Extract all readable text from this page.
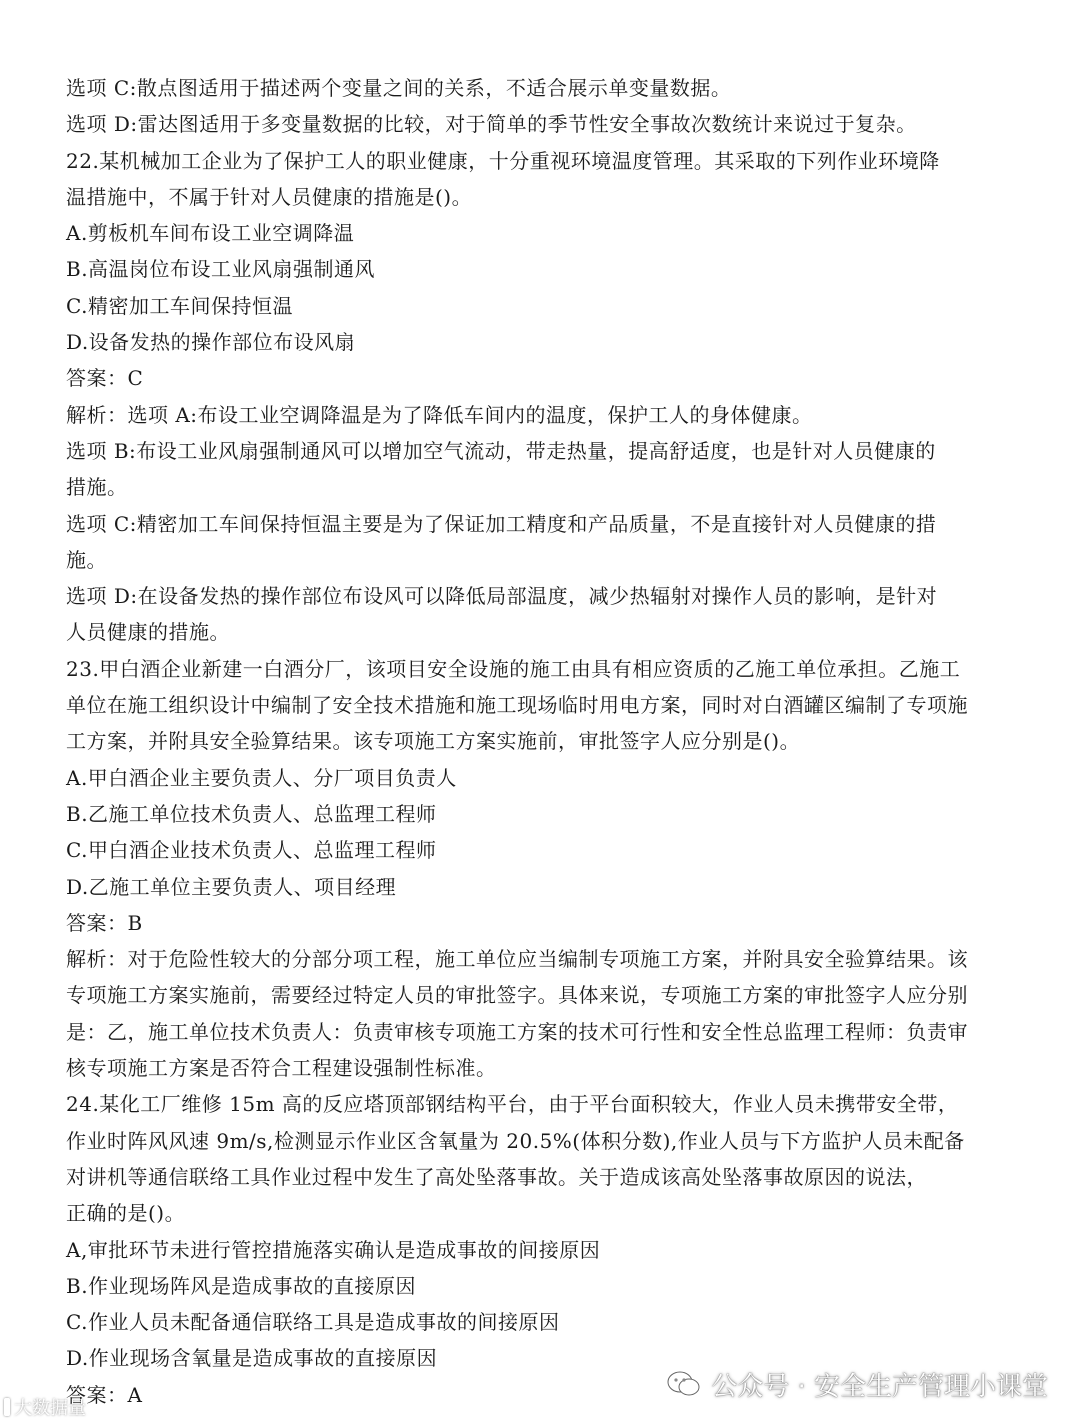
选项 C:散点图适用于描述两个变量之间的关系，不适合展示单变量数据。
选项 D:雷达图适用于多变量数据的比较，对于简单的季节性安全事故次数统计来说过于复杂。
22.某机械加工企业为了保护工人的职业健康，十分重视环境温度管理。其采取的下列作业环境降
温措施中，不属于针对人员健康的措施是()。
A.剪板机车间布设工业空调降温
B.高温岗位布设工业风扇强制通风
C.精密加工车间保持恒温
D.设备发热的操作部位布设风扇
答案：C
解析：选项 A:布设工业空调降温是为了降低车间内的温度，保护工人的身体健康。
选项 B:布设工业风扇强制通风可以增加空气流动，带走热量，提高舒适度，也是针对人员健康的
措施。
选项 C:精密加工车间保持恒温主要是为了保证加工精度和产品质量，不是直接针对人员健康的措
施。
选项 D:在设备发热的操作部位布设风可以降低局部温度，减少热辐射对操作人员的影响，是针对
人员健康的措施。
23.甲白酒企业新建一白酒分厂，该项目安全设施的施工由具有相应资质的乙施工单位承担。乙施工
单位在施工组织设计中编制了安全技术措施和施工现场临时用电方案，同时对白酒罐区编制了专项施
工方案，并附具安全验算结果。该专项施工方案实施前，审批签字人应分别是()。
A.甲白酒企业主要负责人、分厂项目负责人
B.乙施工单位技术负责人、总监理工程师
C.甲白酒企业技术负责人、总监理工程师
D.乙施工单位主要负责人、项目经理
答案：B
解析：对于危险性较大的分部分项工程，施工单位应当编制专项施工方案，并附具安全验算结果。该
专项施工方案实施前，需要经过特定人员的审批签字。具体来说，专项施工方案的审批签字人应分别
是：乙，施工单位技术负责人：负责审核专项施工方案的技术可行性和安全性总监理工程师：负责审
核专项施工方案是否符合工程建设强制性标准。
24.某化工厂维修 15m 高的反应塔顶部钢结构平台，由于平台面积较大，作业人员未携带安全带，
作业时阵风风速 9m/s,检测显示作业区含氧量为 20.5%(体积分数),作业人员与下方监护人员未配备
对讲机等通信联络工具作业过程中发生了高处坠落事故。关于造成该高处坠落事故原因的说法，
正确的是()。
A,审批环节未进行管控措施落实确认是造成事故的间接原因
B.作业现场阵风是造成事故的直接原因
C.作业人员未配备通信联络工具是造成事故的间接原因
D.作业现场含氧量是造成事故的直接原因
答案：A	公众号 · 安全生产管理小课堂
大数据量
